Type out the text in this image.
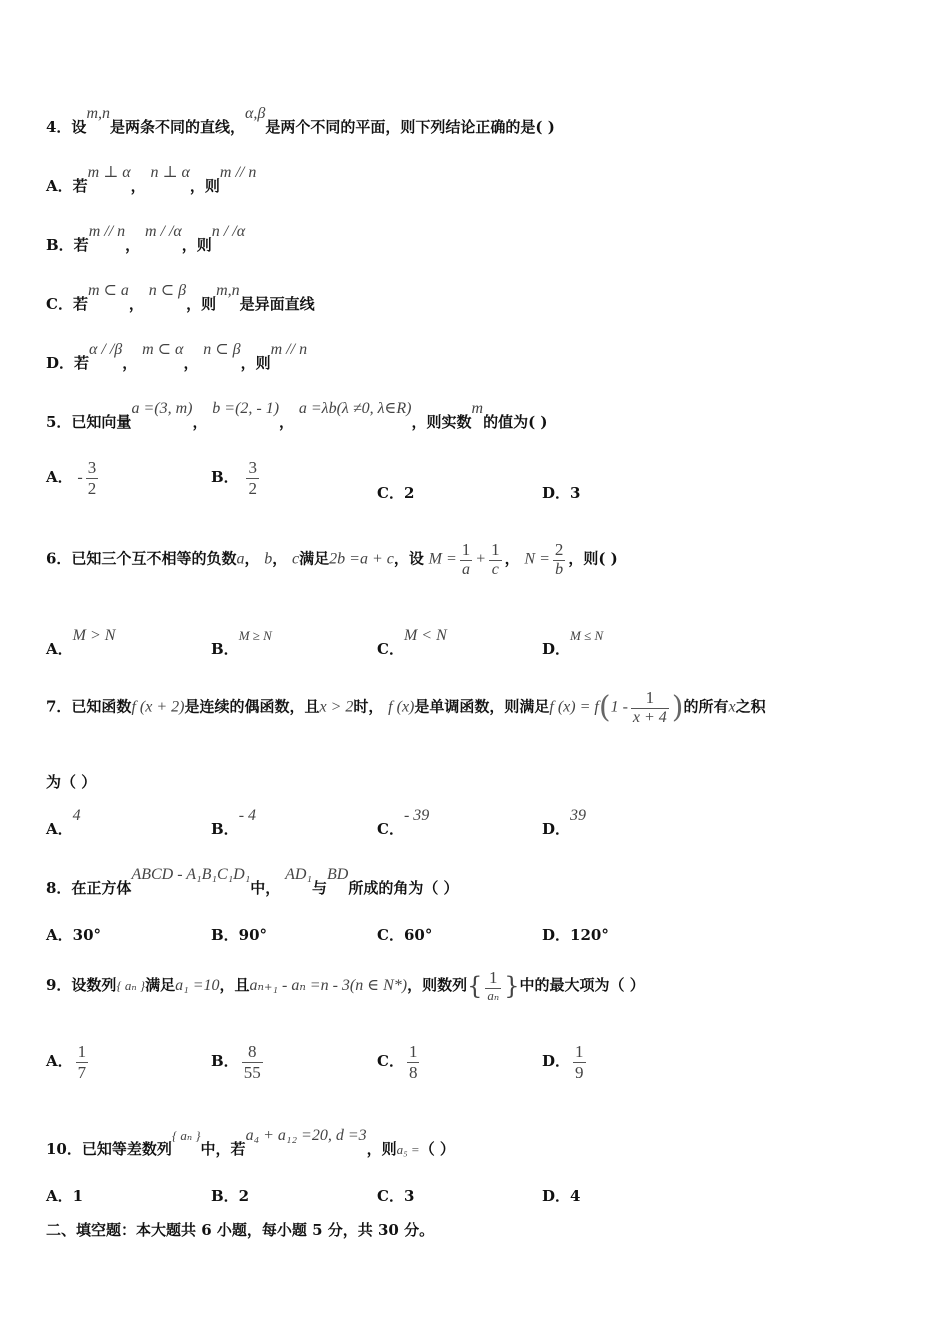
4．设m,n是两条不同的直线，α,β是两个不同的平面，则下列结论正确的是( )
A．若m ⊥ α， n ⊥ α，则m // n
B．若m // n， m / /α，则n / /α
C．若m ⊂ a， n ⊂ β，则m,n是异面直线
D．若α / /β， m ⊂ α， n ⊂ β，则m // n
5．已知向量a =(3, m)， b =(2, - 1)， a =λb(λ ≠0, λ∈R)，则实数m的值为( )
A． - $\frac{3}{2}$	B． $\frac{3}{2}$	C．2	D．3
6．已知三个互不相等的负数a， b， c满足2b =a + c，设 $M = \frac{1}{a} + \frac{1}{c}$ ， $N = \frac{2}{b}$ ，则( )
A．M > N
B．M ≥ N
C．M < N
D．M ≤ N
7．已知函数f (x + 2)是连续的偶函数，且x > 2时， f (x)是单调函数，则满足f $(x) = f(1 - \frac{1}{x + 4}$ )的所有x之积
为（ ）
A．4
B．- 4
C．- 39
D．39
8．在正方体ABCD - A₁B₁C₁D₁中， AD₁与BD所成的角为（ ）
A．30°	B．90°	C．60°	D．120°
9．设数列{ aₙ }满足a₁ =10，且aₙ₊₁ - aₙ =n - 3(n ∈ N*)，则数列{ $\frac{1}{\text{aₙ}}$ }中的最大项为（ ）
A． $\frac{1}{7}$	B． $\frac{8}{55}$	C． $\frac{1}{8}$	D． $\frac{1}{9}$
10．已知等差数列{ aₙ }中，若a₄ + a₁₂ =20, d =3，则a₅ =（ ）
A．1	B．2	C．3	D．4
二、填空题：本大题共 6 小题，每小题 5 分，共 30 分。
